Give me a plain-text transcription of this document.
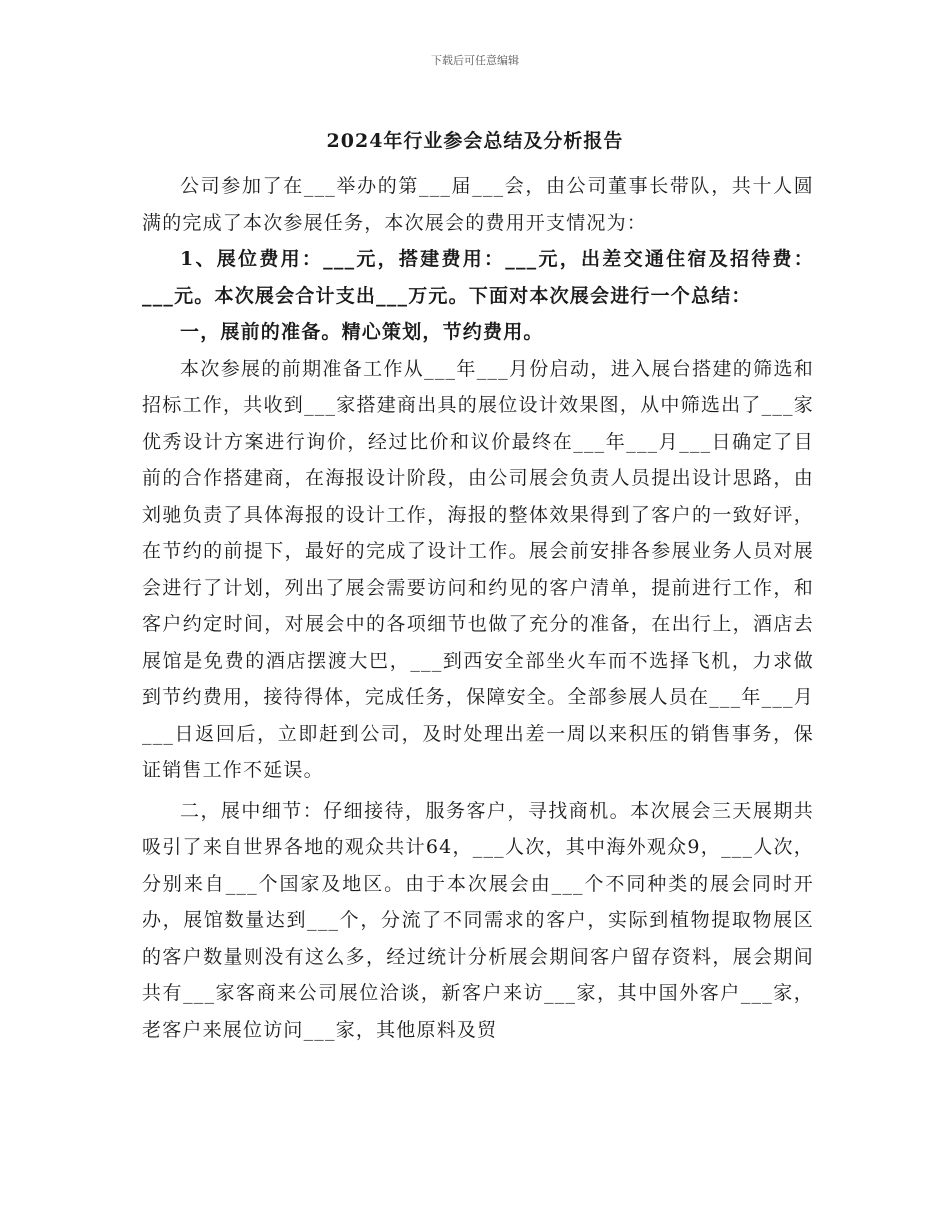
下载后可任意编辑
2024年行业参会总结及分析报告

公司参加了在___举办的第___届___会，由公司董事长带队，共十人圆满的完成了本次参展任务，本次展会的费用开支情况为：

1、展位费用：___元，搭建费用：___元，出差交通住宿及招待费：___元。本次展会合计支出___万元。下面对本次展会进行一个总结：

一，展前的准备。精心策划，节约费用。

本次参展的前期准备工作从___年___月份启动，进入展台搭建的筛选和招标工作，共收到___家搭建商出具的展位设计效果图，从中筛选出了___家优秀设计方案进行询价，经过比价和议价最终在___年___月___日确定了目前的合作搭建商，在海报设计阶段，由公司展会负责人员提出设计思路，由刘驰负责了具体海报的设计工作，海报的整体效果得到了客户的一致好评，在节约的前提下，最好的完成了设计工作。展会前安排各参展业务人员对展会进行了计划，列出了展会需要访问和约见的客户清单，提前进行工作，和客户约定时间，对展会中的各项细节也做了充分的准备，在出行上，酒店去展馆是免费的酒店摆渡大巴，___到西安全部坐火车而不选择飞机，力求做到节约费用，接待得体，完成任务，保障安全。全部参展人员在___年___月___日返回后，立即赶到公司，及时处理出差一周以来积压的销售事务，保证销售工作不延误。

二，展中细节：仔细接待，服务客户，寻找商机。本次展会三天展期共吸引了来自世界各地的观众共计64，___人次，其中海外观众9，___人次，分别来自___个国家及地区。由于本次展会由___个不同种类的展会同时开办，展馆数量达到___个，分流了不同需求的客户，实际到植物提取物展区的客户数量则没有这么多，经过统计分析展会期间客户留存资料，展会期间共有___家客商来公司展位洽谈，新客户来访___家，其中国外客户___家，老客户来展位访问___家，其他原料及贸
